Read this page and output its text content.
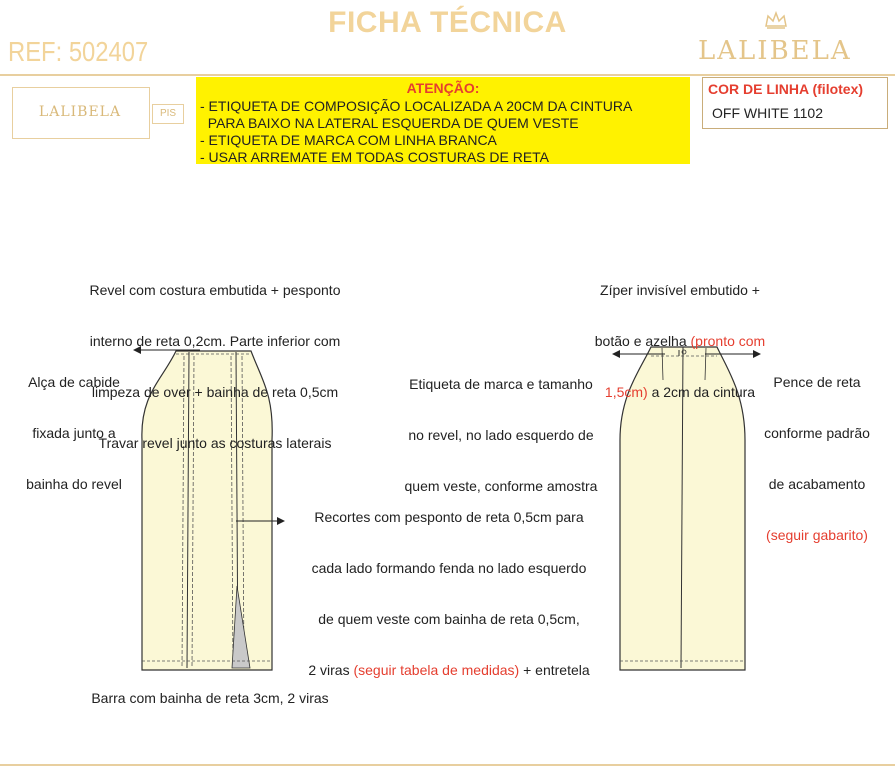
FICHA TÉCNICA
REF: 502407	LALIBELA
LALIBELA	PIS
ATENÇÃO:
- ETIQUETA DE COMPOSIÇÃO LOCALIZADA A 20CM DA CINTURA
PARA BAIXO NA LATERAL ESQUERDA DE QUEM VESTE
- ETIQUETA DE MARCA COM LINHA BRANCA
- USAR ARREMATE EM TODAS COSTURAS DE RETA
COR DE LINHA (filotex)
OFF WHITE 1102

Revel com costura embutida + pesponto

interno de reta 0,2cm. Parte inferior com

limpeza de over + bainha de reta 0,5cm

Travar revel junto as costuras laterais

Alça de cabide

fixada junto a

bainha do revel

Recortes com pesponto de reta 0,5cm para

cada lado formando fenda no lado esquerdo

de quem veste com bainha de reta 0,5cm,

2 viras (seguir tabela de medidas) + entretela

Barra com bainha de reta 3cm, 2 viras

Zíper invisível embutido +

botão e azelha (pronto com

1,5cm) a 2cm da cintura

Etiqueta de marca e tamanho

no revel, no lado esquerdo de

quem veste, conforme amostra

Pence de reta

conforme padrão

de acabamento

(seguir gabarito)
